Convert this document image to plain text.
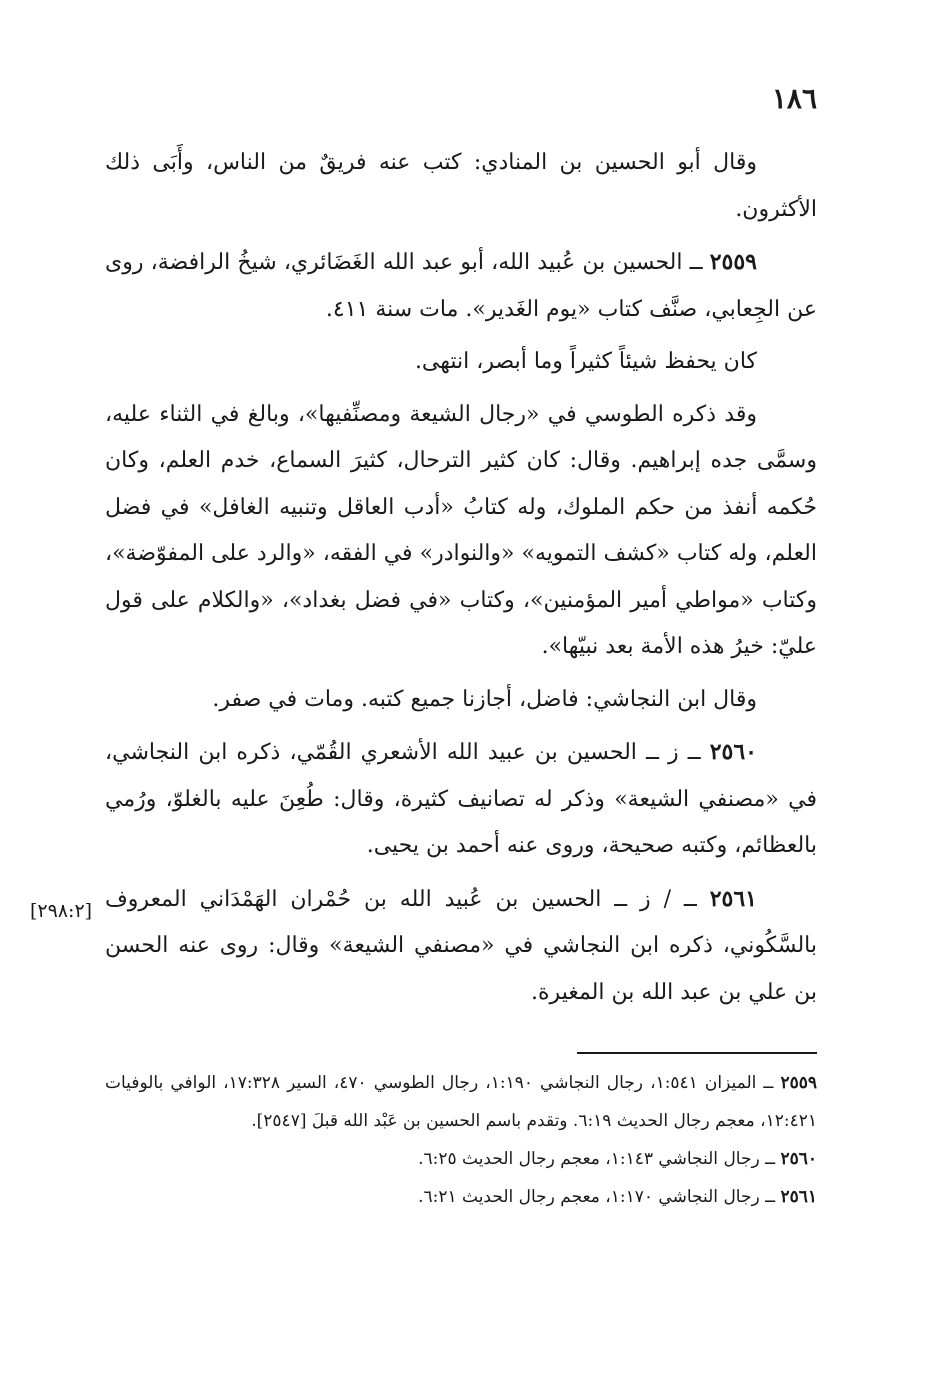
١٨٦

وقال أبو الحسين بن المنادي: كتب عنه فريقٌ من الناس، وأَبَى ذلك الأكثرون.

٢٥٥٩ ــ الحسين بن عُبيد الله، أبو عبد الله الغَضَائري، شيخُ الرافضة، روى عن الجِعابي، صنَّف كتاب «يوم الغَدير». مات سنة ٤١١.

كان يحفظ شيئاً كثيراً وما أبصر، انتهى.

وقد ذكره الطوسي في «رجال الشيعة ومصنِّفيها»، وبالغ في الثناء عليه، وسمَّى جده إبراهيم. وقال: كان كثير الترحال، كثيرَ السماع، خدم العلم، وكان حُكمه أنفذ من حكم الملوك، وله كتابُ «أدب العاقل وتنبيه الغافل» في فضل العلم، وله كتاب «كشف التمويه» «والنوادر» في الفقه، «والرد على المفوّضة»، وكتاب «مواطي أمير المؤمنين»، وكتاب «في فضل بغداد»، «والكلام على قول عليّ: خيرُ هذه الأمة بعد نبيّها».

وقال ابن النجاشي: فاضل، أجازنا جميع كتبه. ومات في صفر.

٢٥٦٠ ــ ز ــ الحسين بن عبيد الله الأشعري القُمّي، ذكره ابن النجاشي، في «مصنفي الشيعة» وذكر له تصانيف كثيرة، وقال: طُعِنَ عليه بالغلوّ، ورُمي بالعظائم، وكتبه صحيحة، وروى عنه أحمد بن يحيى.

٢٥٦١ ــ / ز ــ الحسين بن عُبيد الله بن حُمْران الهَمْدَاني المعروف بالسَّكُوني، ذكره ابن النجاشي في «مصنفي الشيعة» وقال: روى عنه الحسن بن علي بن عبد الله بن المغيرة.

[٢٩٨:٢]

٢٥٥٩ ــ الميزان ١:٥٤١، رجال النجاشي ١:١٩٠، رجال الطوسي ٤٧٠، السير ١٧:٣٢٨، الوافي بالوفيات ١٢:٤٢١، معجم رجال الحديث ٦:١٩. وتقدم باسم الحسين بن عَبْد الله قبلَ [٢٥٤٧].

٢٥٦٠ ــ رجال النجاشي ١:١٤٣، معجم رجال الحديث ٦:٢٥.

٢٥٦١ ــ رجال النجاشي ١:١٧٠، معجم رجال الحديث ٦:٢١.
